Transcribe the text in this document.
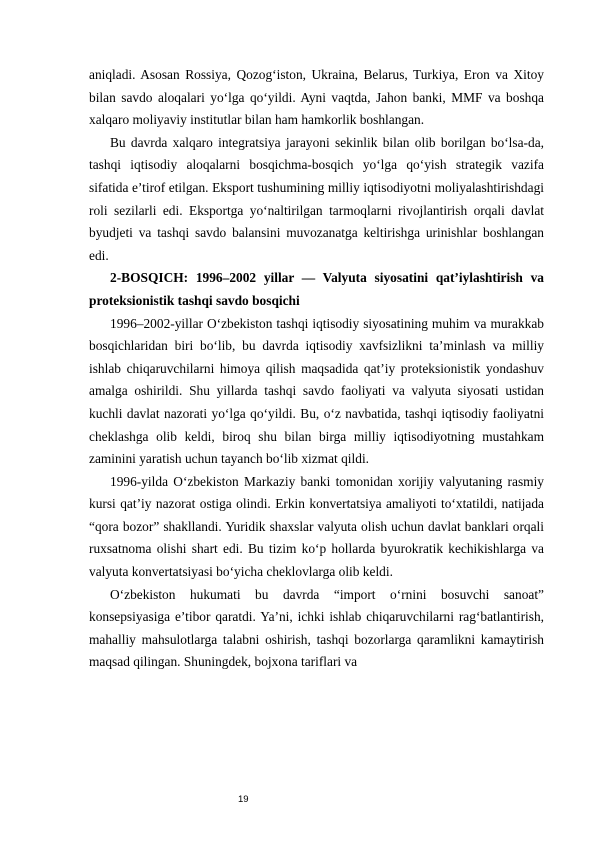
aniqladi. Asosan Rossiya, Qozog‘iston, Ukraina, Belarus, Turkiya, Eron va Xitoy bilan savdo aloqalari yo‘lga qo‘yildi. Ayni vaqtda, Jahon banki, MMF va boshqa xalqaro moliyaviy institutlar bilan ham hamkorlik boshlangan.

Bu davrda xalqaro integratsiya jarayoni sekinlik bilan olib borilgan bo‘lsa-da, tashqi iqtisodiy aloqalarni bosqichma-bosqich yo‘lga qo‘yish strategik vazifa sifatida e’tirof etilgan. Eksport tushumining milliy iqtisodiyotni moliyalashtirishdagi roli sezilarli edi. Eksportga yo‘naltirilgan tarmoqlarni rivojlantirish orqali davlat byudjeti va tashqi savdo balansini muvozanatga keltirishga urinishlar boshlangan edi.

2-BOSQICH: 1996–2002 yillar — Valyuta siyosatini qat’iylashtirish va proteksionistik tashqi savdo bosqichi

1996–2002-yillar O‘zbekiston tashqi iqtisodiy siyosatining muhim va murakkab bosqichlaridan biri bo‘lib, bu davrda iqtisodiy xavfsizlikni ta’minlash va milliy ishlab chiqaruvchilarni himoya qilish maqsadida qat’iy proteksionistik yondashuv amalga oshirildi. Shu yillarda tashqi savdo faoliyati va valyuta siyosati ustidan kuchli davlat nazorati yo‘lga qo‘yildi. Bu, o‘z navbatida, tashqi iqtisodiy faoliyatni cheklashga olib keldi, biroq shu bilan birga milliy iqtisodiyotning mustahkam zaminini yaratish uchun tayanch bo‘lib xizmat qildi.

1996-yilda O‘zbekiston Markaziy banki tomonidan xorijiy valyutaning rasmiy kursi qat’iy nazorat ostiga olindi. Erkin konvertatsiya amaliyoti to‘xtatildi, natijada “qora bozor” shakllandi. Yuridik shaxslar valyuta olish uchun davlat banklari orqali ruxsatnoma olishi shart edi. Bu tizim ko‘p hollarda byurokratik kechikishlarga va valyuta konvertatsiyasi bo‘yicha cheklovlarga olib keldi.

O‘zbekiston hukumati bu davrda “import o‘rnini bosuvchi sanoat” konsepsiyasiga e’tibor qaratdi. Ya’ni, ichki ishlab chiqaruvchilarni rag‘batlantirish, mahalliy mahsulotlarga talabni oshirish, tashqi bozorlarga qaramlikni kamaytirish maqsad qilingan. Shuningdek, bojxona tariflari va

19
